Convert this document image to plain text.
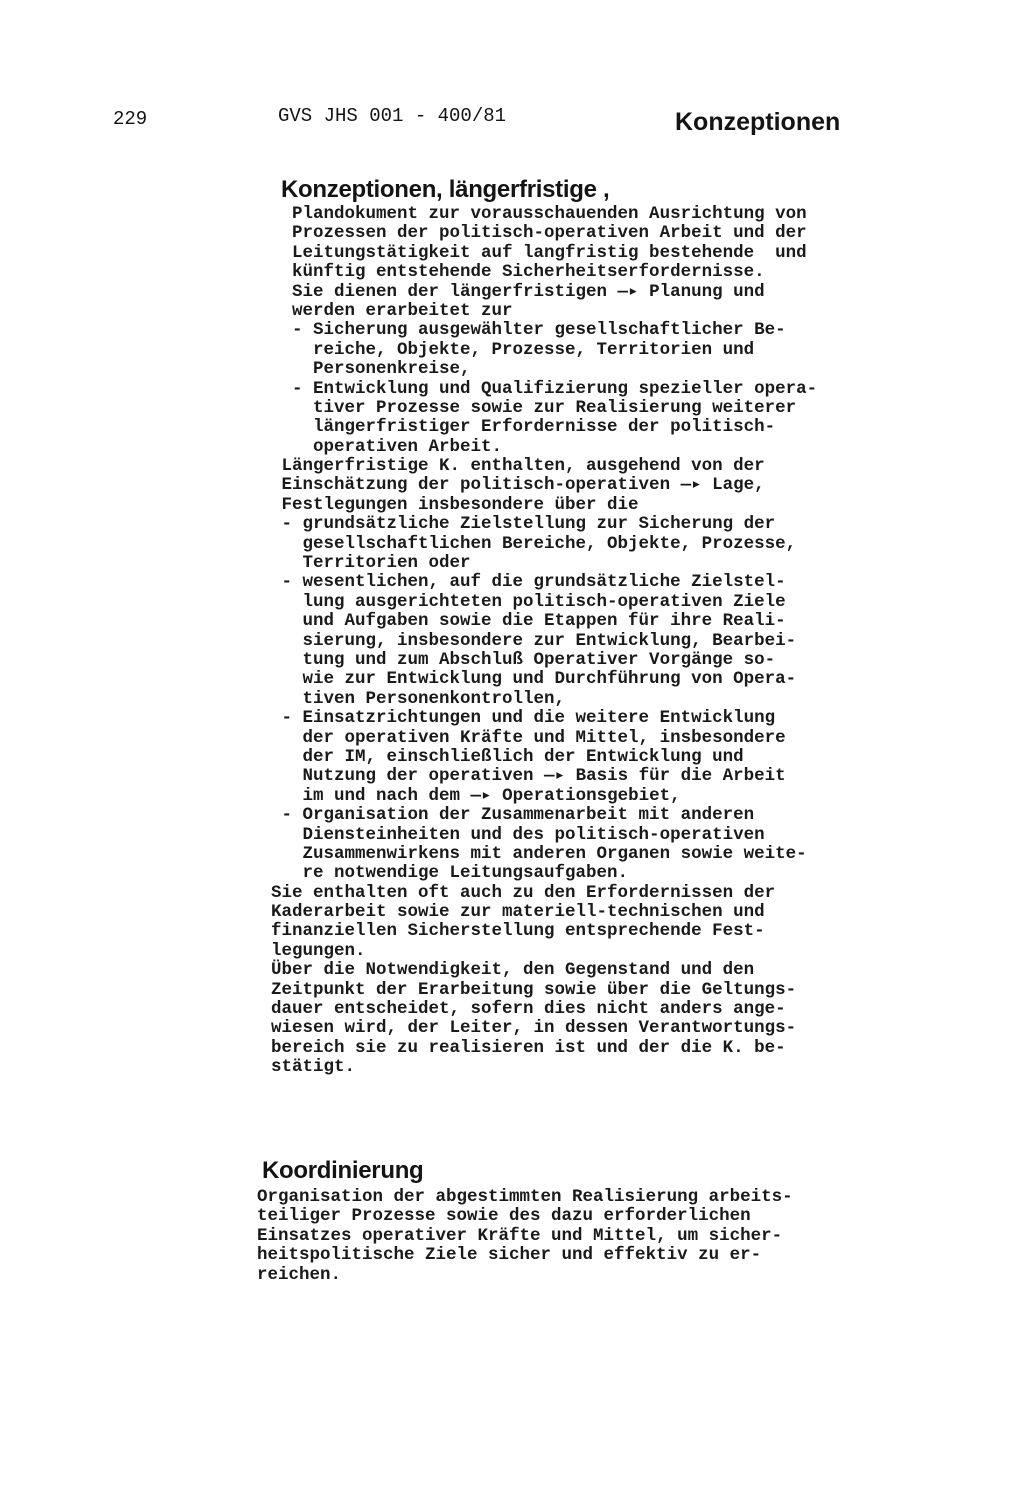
229	GVS JHS 001 - 400/81	Konzeptionen
Konzeptionen, längerfristige ,
Plandokument zur vorausschauenden Ausrichtung von
Prozessen der politisch-operativen Arbeit und der
Leitungstätigkeit auf langfristig bestehende  und
künftig entstehende Sicherheitserfordernisse.
Sie dienen der längerfristigen —▸ Planung und
werden erarbeitet zur
- Sicherung ausgewählter gesellschaftlicher Be-
reiche, Objekte, Prozesse, Territorien und
Personenkreise,
- Entwicklung und Qualifizierung spezieller opera-
tiver Prozesse sowie zur Realisierung weiterer
längerfristiger Erfordernisse der politisch-
operativen Arbeit.
Längerfristige K. enthalten, ausgehend von der
Einschätzung der politisch-operativen —▸ Lage,
Festlegungen insbesondere über die
- grundsätzliche Zielstellung zur Sicherung der
gesellschaftlichen Bereiche, Objekte, Prozesse,
Territorien oder
- wesentlichen, auf die grundsätzliche Zielstel-
lung ausgerichteten politisch-operativen Ziele
und Aufgaben sowie die Etappen für ihre Reali-
sierung, insbesondere zur Entwicklung, Bearbei-
tung und zum Abschluß Operativer Vorgänge so-
wie zur Entwicklung und Durchführung von Opera-
tiven Personenkontrollen,
- Einsatzrichtungen und die weitere Entwicklung
der operativen Kräfte und Mittel, insbesondere
der IM, einschließlich der Entwicklung und
Nutzung der operativen —▸ Basis für die Arbeit
im und nach dem —▸ Operationsgebiet,
- Organisation der Zusammenarbeit mit anderen
Diensteinheiten und des politisch-operativen
Zusammenwirkens mit anderen Organen sowie weite-
re notwendige Leitungsaufgaben.
Sie enthalten oft auch zu den Erfordernissen der
Kaderarbeit sowie zur materiell-technischen und
finanziellen Sicherstellung entsprechende Fest-
legungen.
Über die Notwendigkeit, den Gegenstand und den
Zeitpunkt der Erarbeitung sowie über die Geltungs-
dauer entscheidet, sofern dies nicht anders ange-
wiesen wird, der Leiter, in dessen Verantwortungs-
bereich sie zu realisieren ist und der die K. be-
stätigt.
Koordinierung
Organisation der abgestimmten Realisierung arbeits-
teiliger Prozesse sowie des dazu erforderlichen
Einsatzes operativer Kräfte und Mittel, um sicher-
heitspolitische Ziele sicher und effektiv zu er-
reichen.
